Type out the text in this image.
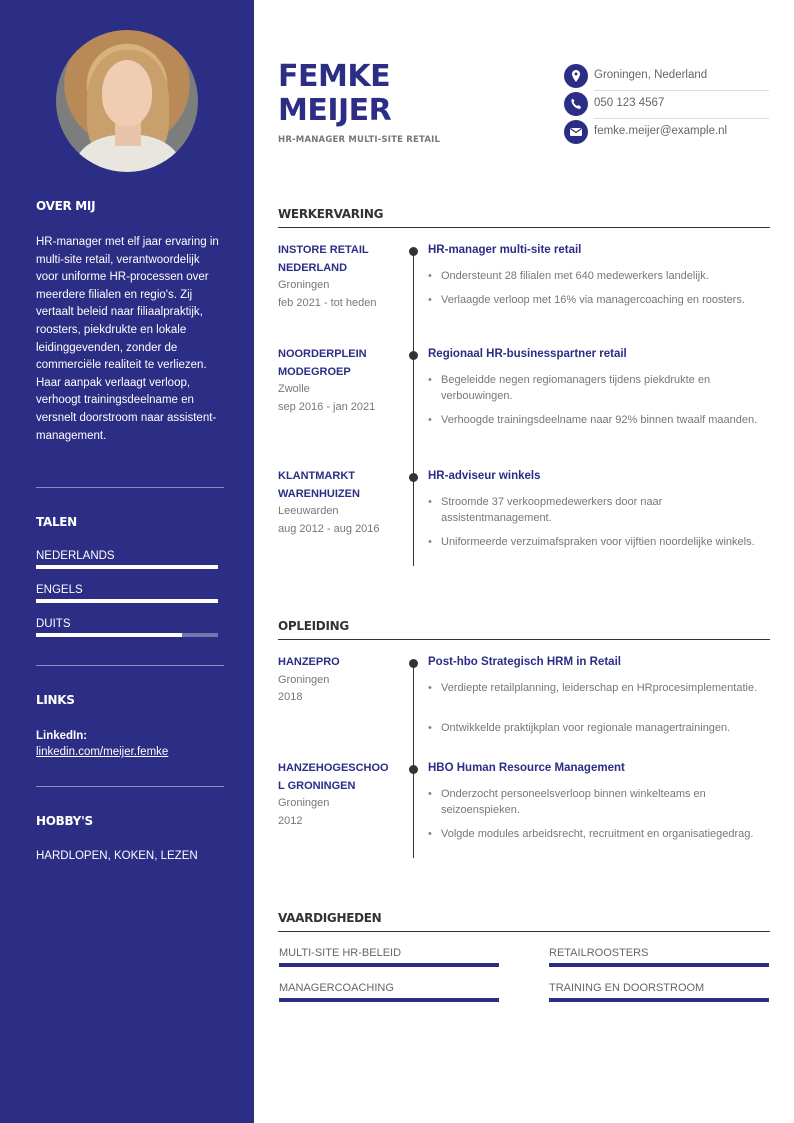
OVER MIJ
HR-manager met elf jaar ervaring in multi-site retail, verantwoordelijk voor uniforme HR-processen over meerdere filialen en regio's. Zij vertaalt beleid naar filiaalpraktijk, roosters, piekdrukte en lokale leidinggevenden, zonder de commerciële realiteit te verliezen. Haar aanpak verlaagt verloop, verhoogt trainingsdeelname en versnelt doorstroom naar assistent-management.
TALEN
NEDERLANDS
ENGELS
DUITS
LINKS
LinkedIn:
linkedin.com/meijer.femke
HOBBY'S
HARDLOPEN, KOKEN, LEZEN
FEMKE
MEIJER
HR-MANAGER MULTI-SITE RETAIL
Groningen, Nederland
050 123 4567
femke.meijer@example.nl
WERKERVARING
INSTORE RETAIL NEDERLAND
Groningen
feb 2021 - tot heden
HR-manager multi-site retail
• Ondersteunt 28 filialen met 640 medewerkers landelijk.
• Verlaagde verloop met 16% via managercoaching en roosters.
NOORDERPLEIN MODEGROEP
Zwolle
sep 2016 - jan 2021
Regionaal HR-businesspartner retail
• Begeleidde negen regiomanagers tijdens piekdrukte en verbouwingen.
• Verhoogde trainingsdeelname naar 92% binnen twaalf maanden.
KLANTMARKT WARENHUIZEN
Leeuwarden
aug 2012 - aug 2016
HR-adviseur winkels
• Stroomde 37 verkoopmedewerkers door naar assistentmanagement.
• Uniformeerde verzuimafspraken voor vijftien noordelijke winkels.
OPLEIDING
HANZEPRO
Groningen
2018
Post-hbo Strategisch HRM in Retail
• Verdiepte retailplanning, leiderschap en HRprocesimplementatie.
• Ontwikkelde praktijkplan voor regionale managertrainingen.
HANZEHOGESCHOOL GRONINGEN
Groningen
2012
HBO Human Resource Management
• Onderzocht personeelsverloop binnen winkelteams en seizoenspieken.
• Volgde modules arbeidsrecht, recruitment en organisatiegedrag.
VAARDIGHEDEN
MULTI-SITE HR-BELEID	RETAILROOSTERS
MANAGERCOACHING	TRAINING EN DOORSTROOM
